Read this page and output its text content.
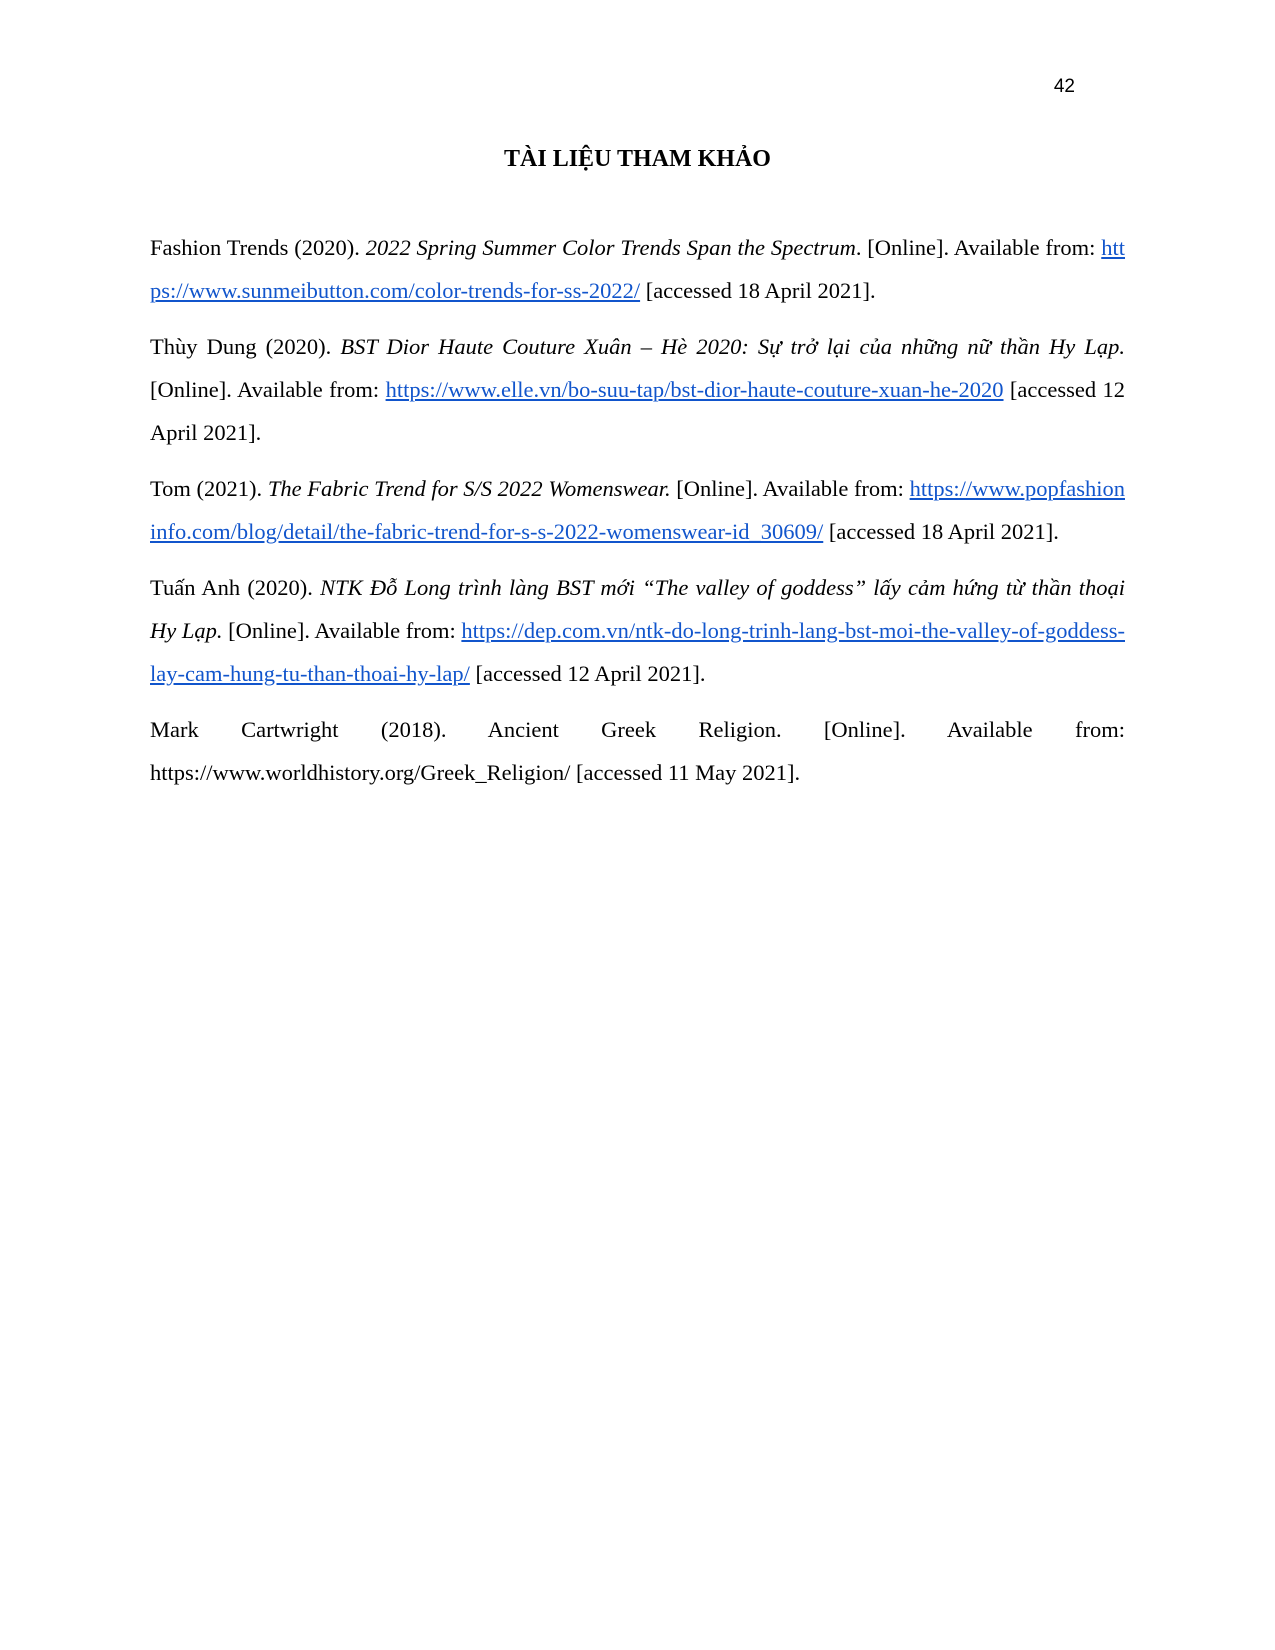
42
TÀI LIỆU THAM KHẢO

Fashion Trends (2020). 2022 Spring Summer Color Trends Span the Spectrum. [Online]. Available from: https://www.sunmeibutton.com/color-trends-for-ss-2022/ [accessed 18 April 2021].

Thùy Dung (2020). BST Dior Haute Couture Xuân – Hè 2020: Sự trở lại của những nữ thần Hy Lạp. [Online]. Available from: https://www.elle.vn/bo-suu-tap/bst-dior-haute-couture-xuan-he-2020 [accessed 12 April 2021].

Tom (2021). The Fabric Trend for S/S 2022 Womenswear. [Online]. Available from: https://www.popfashioninfo.com/blog/detail/the-fabric-trend-for-s-s-2022-womenswear-id_30609/ [accessed 18 April 2021].

Tuấn Anh (2020). NTK Đỗ Long trình làng BST mới “The valley of goddess” lấy cảm hứng từ thần thoại Hy Lạp. [Online]. Available from: https://dep.com.vn/ntk-do-long-trinh-lang-bst-moi-the-valley-of-goddess-lay-cam-hung-tu-than-thoai-hy-lap/ [accessed 12 April 2021].

Mark Cartwright (2018). Ancient Greek Religion. [Online]. Available from: https://www.worldhistory.org/Greek_Religion/ [accessed 11 May 2021].
